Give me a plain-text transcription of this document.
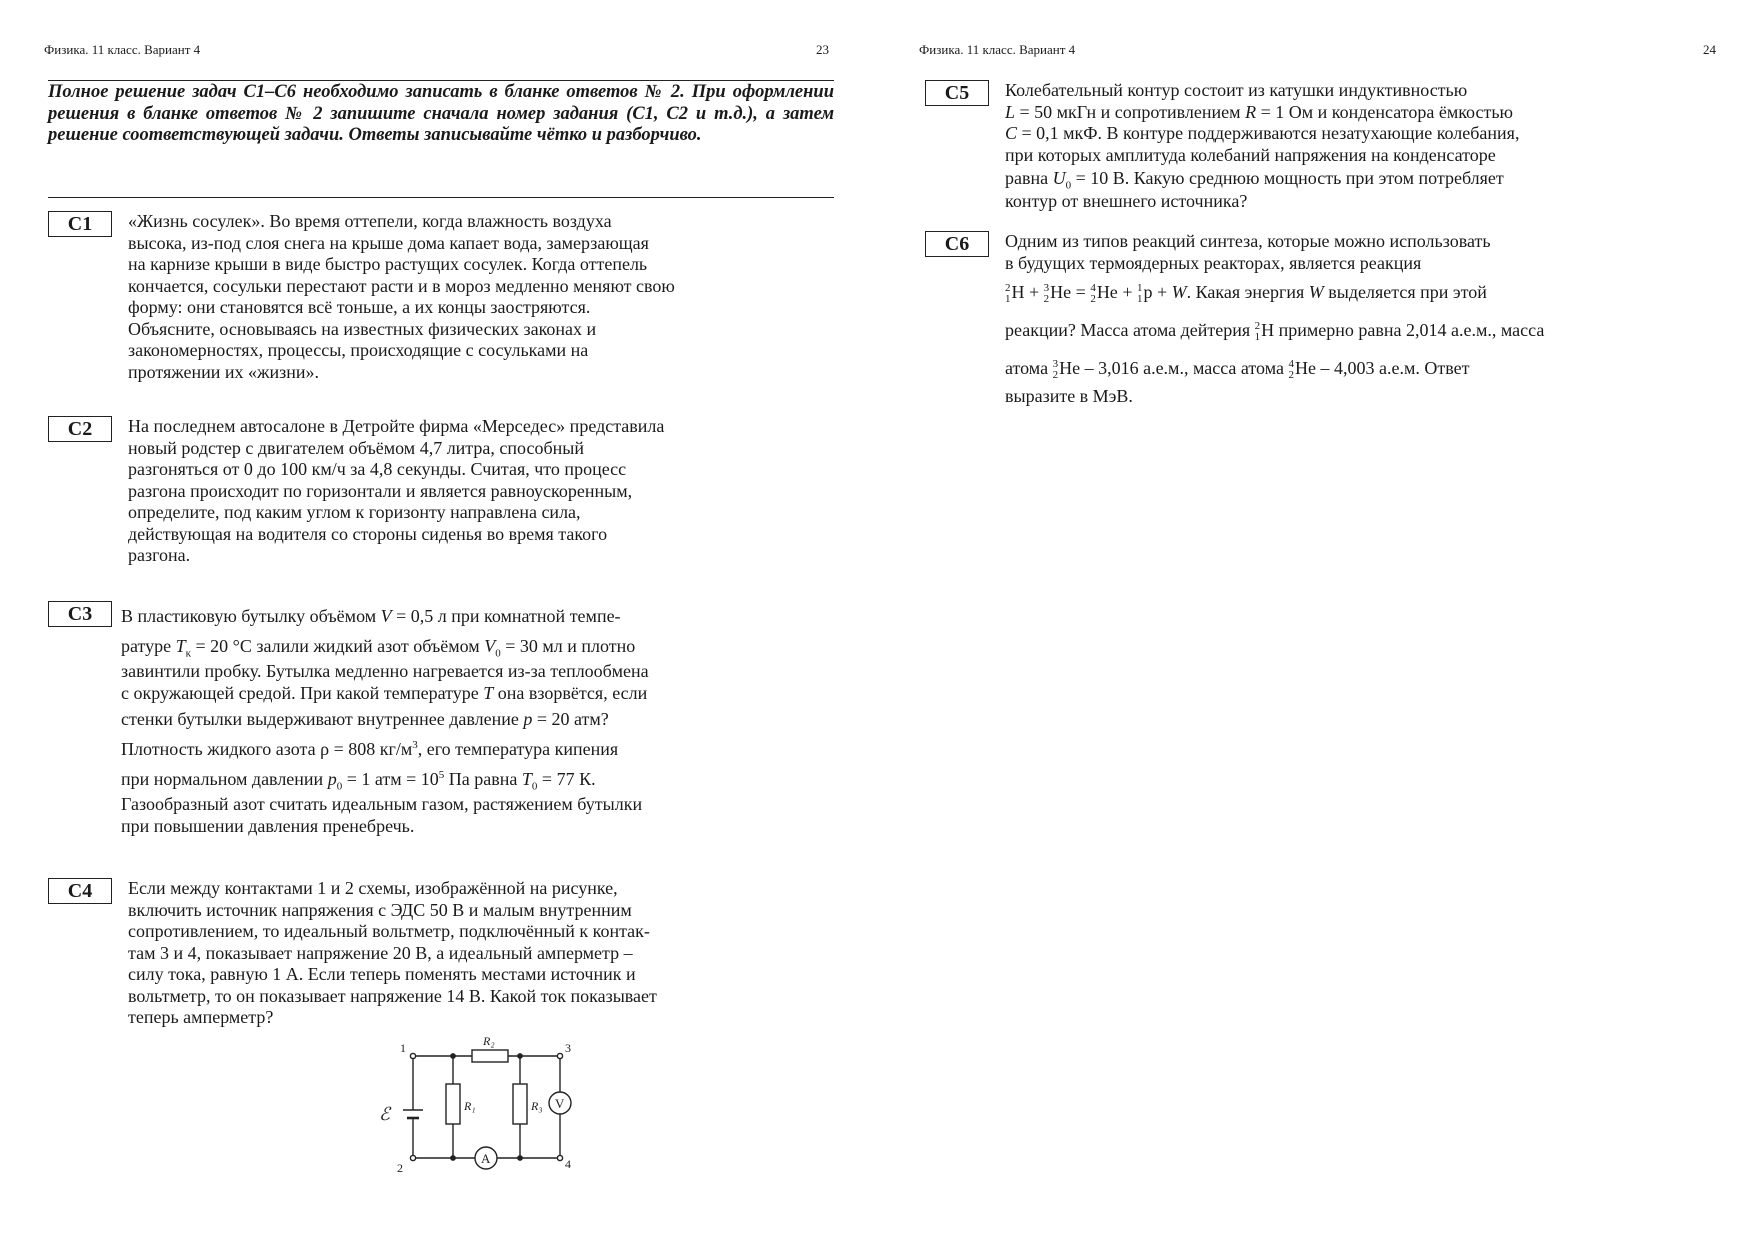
Физика. 11 класс. Вариант 4	23
Полное решение задач С1–С6 необходимо записать в бланке ответов № 2. При оформлении решения в бланке ответов № 2 запишите сначала номер задания (С1, С2 и т.д.), а затем решение соответствующей задачи. Ответы записывайте чётко и разборчиво.
С1	«Жизнь сосулек». Во время оттепели, когда влажность воздуха
высока, из-под слоя снега на крыше дома капает вода, замерзающая
на карнизе крыши в виде быстро растущих сосулек. Когда оттепель
кончается, сосульки перестают расти и в мороз медленно меняют свою
форму: они становятся всё тоньше, а их концы заостряются.
Объясните, основываясь на известных физических законах и
закономерностях, процессы, происходящие с сосульками на
протяжении их «жизни».
С2	На последнем автосалоне в Детройте фирма «Мерседес» представила
новый родстер с двигателем объёмом 4,7 литра, способный
разгоняться от 0 до 100 км/ч за 4,8 секунды. Считая, что процесс
разгона происходит по горизонтали и является равноускоренным,
определите, под каким углом к горизонту направлена сила,
действующая на водителя со стороны сиденья во время такого
разгона.
С3	В пластиковую бутылку объёмом V = 0,5 л при комнатной темпе-
ратуре $T_к = 20$ °С залили жидкий азот объёмом $V_0 = 30$ мл и плотно
завинтили пробку. Бутылка медленно нагревается из-за теплообмена
с окружающей средой. При какой температуре T она взорвётся, если
стенки бутылки выдерживают внутреннее давление p = 20 атм?
Плотность жидкого азота ρ = 808 $кг/м^3$, его температура кипения
при нормальном давлении $p_0 = 1$ атм = $10^5$ Па равна $T_0 = 77$ К.
Газообразный азот считать идеальным газом, растяжением бутылки
при повышении давления пренебречь.
С4	Если между контактами 1 и 2 схемы, изображённой на рисунке,
включить источник напряжения с ЭДС 50 В и малым внутренним
сопротивлением, то идеальный вольтметр, подключённый к контак-
там 3 и 4, показывает напряжение 20 В, а идеальный амперметр –
силу тока, равную 1 А. Если теперь поменять местами источник и
вольтметр, то он показывает напряжение 14 В. Какой ток показывает
теперь амперметр?
1
2
3
4
ℰ
R₂
R₁	R₃ V
A
Физика. 11 класс. Вариант 4	24
С5	Колебательный контур состоит из катушки индуктивностью
L = 50 мкГн и сопротивлением R = 1 Ом и конденсатора ёмкостью
C = 0,1 мкФ. В контуре поддерживаются незатухающие колебания,
при которых амплитуда колебаний напряжения на конденсаторе
равна $U_0 = 10$ В. Какую среднюю мощность при этом потребляет
контур от внешнего источника?
С6	Одним из типов реакций синтеза, которые можно использовать
в будущих термоядерных реакторах, является реакция
2
1H + 3
2He = 4
2He + 1
1p + W. Какая энергия W выделяется при этой
реакции? Масса атома дейтерия 2
1H примерно равна 2,014 а.е.м., масса
атома 3
2He – 3,016 а.е.м., масса атома 4
2He – 4,003 а.е.м. Ответ
выразите в МэВ.
